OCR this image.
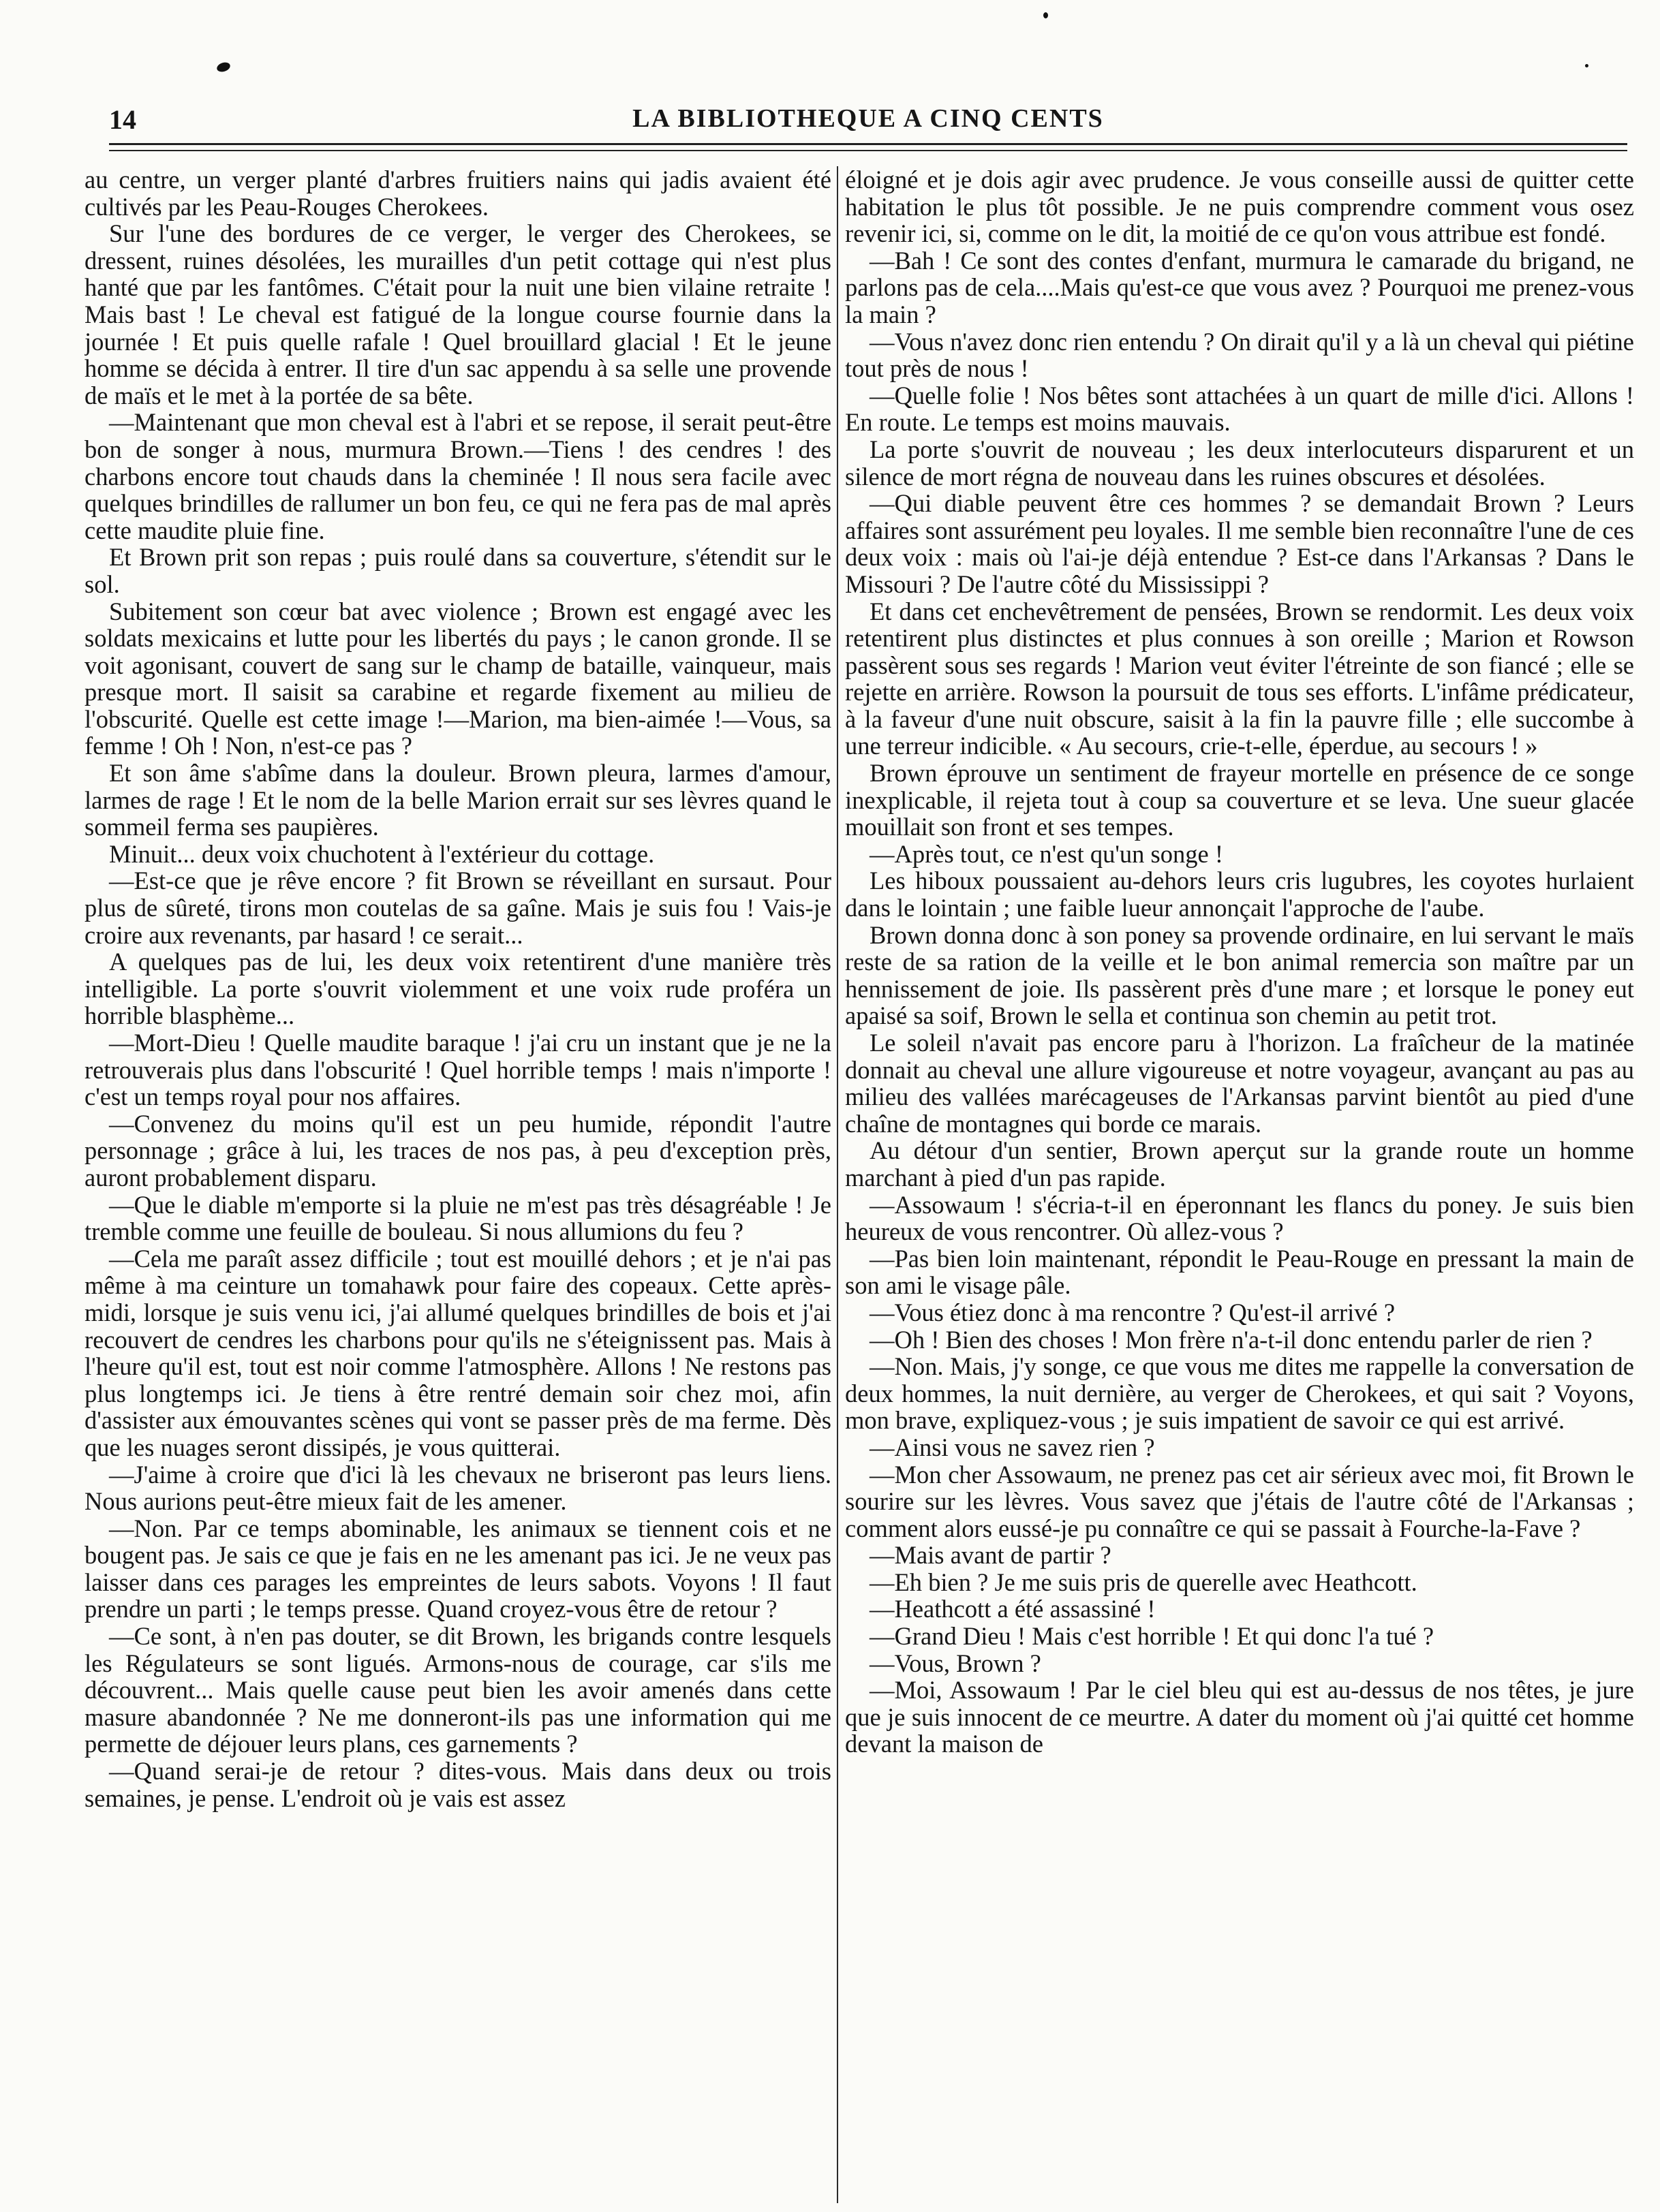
14	LA BIBLIOTHEQUE A CINQ CENTS

au centre, un verger planté d'arbres fruitiers nains qui jadis avaient été cultivés par les Peau-Rouges Cherokees.

Sur l'une des bordures de ce verger, le verger des Cherokees, se dressent, ruines désolées, les murailles d'un petit cottage qui n'est plus hanté que par les fantômes. C'était pour la nuit une bien vilaine retraite ! Mais bast ! Le cheval est fatigué de la longue course fournie dans la journée ! Et puis quelle rafale ! Quel brouillard glacial ! Et le jeune homme se décida à entrer. Il tire d'un sac appendu à sa selle une provende de maïs et le met à la portée de sa bête.

—Maintenant que mon cheval est à l'abri et se repose, il serait peut-être bon de songer à nous, murmura Brown.—Tiens ! des cendres ! des charbons encore tout chauds dans la cheminée ! Il nous sera facile avec quelques brindilles de rallumer un bon feu, ce qui ne fera pas de mal après cette maudite pluie fine.

Et Brown prit son repas ; puis roulé dans sa couverture, s'étendit sur le sol.

Subitement son cœur bat avec violence ; Brown est engagé avec les soldats mexicains et lutte pour les libertés du pays ; le canon gronde. Il se voit agonisant, couvert de sang sur le champ de bataille, vainqueur, mais presque mort. Il saisit sa carabine et regarde fixement au milieu de l'obscurité. Quelle est cette image !—Marion, ma bien-aimée !—Vous, sa femme ! Oh ! Non, n'est-ce pas ?

Et son âme s'abîme dans la douleur. Brown pleura, larmes d'amour, larmes de rage ! Et le nom de la belle Marion errait sur ses lèvres quand le sommeil ferma ses paupières.

Minuit... deux voix chuchotent à l'extérieur du cottage.

—Est-ce que je rêve encore ? fit Brown se réveillant en sursaut. Pour plus de sûreté, tirons mon coutelas de sa gaîne. Mais je suis fou ! Vais-je croire aux revenants, par hasard ! ce serait...

A quelques pas de lui, les deux voix retentirent d'une manière très intelligible. La porte s'ouvrit violemment et une voix rude proféra un horrible blasphème...

—Mort-Dieu ! Quelle maudite baraque ! j'ai cru un instant que je ne la retrouverais plus dans l'obscurité ! Quel horrible temps ! mais n'importe ! c'est un temps royal pour nos affaires.

—Convenez du moins qu'il est un peu humide, répondit l'autre personnage ; grâce à lui, les traces de nos pas, à peu d'exception près, auront probablement disparu.

—Que le diable m'emporte si la pluie ne m'est pas très désagréable ! Je tremble comme une feuille de bouleau. Si nous allumions du feu ?

—Cela me paraît assez difficile ; tout est mouillé dehors ; et je n'ai pas même à ma ceinture un tomahawk pour faire des copeaux. Cette après-midi, lorsque je suis venu ici, j'ai allumé quelques brindilles de bois et j'ai recouvert de cendres les charbons pour qu'ils ne s'éteignissent pas. Mais à l'heure qu'il est, tout est noir comme l'atmosphère. Allons ! Ne restons pas plus longtemps ici. Je tiens à être rentré demain soir chez moi, afin d'assister aux émouvantes scènes qui vont se passer près de ma ferme. Dès que les nuages seront dissipés, je vous quitterai.

—J'aime à croire que d'ici là les chevaux ne briseront pas leurs liens. Nous aurions peut-être mieux fait de les amener.

—Non. Par ce temps abominable, les animaux se tiennent cois et ne bougent pas. Je sais ce que je fais en ne les amenant pas ici. Je ne veux pas laisser dans ces parages les empreintes de leurs sabots. Voyons ! Il faut prendre un parti ; le temps presse. Quand croyez-vous être de retour ?

—Ce sont, à n'en pas douter, se dit Brown, les brigands contre lesquels les Régulateurs se sont ligués. Armons-nous de courage, car s'ils me découvrent... Mais quelle cause peut bien les avoir amenés dans cette masure abandonnée ? Ne me donneront-ils pas une information qui me permette de déjouer leurs plans, ces garnements ?

—Quand serai-je de retour ? dites-vous. Mais dans deux ou trois semaines, je pense. L'endroit où je vais est assez

éloigné et je dois agir avec prudence. Je vous conseille aussi de quitter cette habitation le plus tôt possible. Je ne puis comprendre comment vous osez revenir ici, si, comme on le dit, la moitié de ce qu'on vous attribue est fondé.

—Bah ! Ce sont des contes d'enfant, murmura le camarade du brigand, ne parlons pas de cela....Mais qu'est-ce que vous avez ? Pourquoi me prenez-vous la main ?

—Vous n'avez donc rien entendu ? On dirait qu'il y a là un cheval qui piétine tout près de nous !

—Quelle folie ! Nos bêtes sont attachées à un quart de mille d'ici. Allons ! En route. Le temps est moins mauvais.

La porte s'ouvrit de nouveau ; les deux interlocuteurs disparurent et un silence de mort régna de nouveau dans les ruines obscures et désolées.

—Qui diable peuvent être ces hommes ? se demandait Brown ? Leurs affaires sont assurément peu loyales. Il me semble bien reconnaître l'une de ces deux voix : mais où l'ai-je déjà entendue ? Est-ce dans l'Arkansas ? Dans le Missouri ? De l'autre côté du Mississippi ?

Et dans cet enchevêtrement de pensées, Brown se rendormit. Les deux voix retentirent plus distinctes et plus connues à son oreille ; Marion et Rowson passèrent sous ses regards ! Marion veut éviter l'étreinte de son fiancé ; elle se rejette en arrière. Rowson la poursuit de tous ses efforts. L'infâme prédicateur, à la faveur d'une nuit obscure, saisit à la fin la pauvre fille ; elle succombe à une terreur indicible. « Au secours, crie-t-elle, éperdue, au secours ! »

Brown éprouve un sentiment de frayeur mortelle en présence de ce songe inexplicable, il rejeta tout à coup sa couverture et se leva. Une sueur glacée mouillait son front et ses tempes.

—Après tout, ce n'est qu'un songe !

Les hiboux poussaient au-dehors leurs cris lugubres, les coyotes hurlaient dans le lointain ; une faible lueur annonçait l'approche de l'aube.

Brown donna donc à son poney sa provende ordinaire, en lui servant le maïs reste de sa ration de la veille et le bon animal remercia son maître par un hennissement de joie. Ils passèrent près d'une mare ; et lorsque le poney eut apaisé sa soif, Brown le sella et continua son chemin au petit trot.

Le soleil n'avait pas encore paru à l'horizon. La fraîcheur de la matinée donnait au cheval une allure vigoureuse et notre voyageur, avançant au pas au milieu des vallées marécageuses de l'Arkansas parvint bientôt au pied d'une chaîne de montagnes qui borde ce marais.

Au détour d'un sentier, Brown aperçut sur la grande route un homme marchant à pied d'un pas rapide.

—Assowaum ! s'écria-t-il en éperonnant les flancs du poney. Je suis bien heureux de vous rencontrer. Où allez-vous ?

—Pas bien loin maintenant, répondit le Peau-Rouge en pressant la main de son ami le visage pâle.

—Vous étiez donc à ma rencontre ? Qu'est-il arrivé ?

—Oh ! Bien des choses ! Mon frère n'a-t-il donc entendu parler de rien ?

—Non. Mais, j'y songe, ce que vous me dites me rappelle la conversation de deux hommes, la nuit dernière, au verger de Cherokees, et qui sait ? Voyons, mon brave, expliquez-vous ; je suis impatient de savoir ce qui est arrivé.

—Ainsi vous ne savez rien ?

—Mon cher Assowaum, ne prenez pas cet air sérieux avec moi, fit Brown le sourire sur les lèvres. Vous savez que j'étais de l'autre côté de l'Arkansas ; comment alors eussé-je pu connaître ce qui se passait à Fourche-la-Fave ?

—Mais avant de partir ?

—Eh bien ? Je me suis pris de querelle avec Heathcott.

—Heathcott a été assassiné !

—Grand Dieu ! Mais c'est horrible ! Et qui donc l'a tué ?

—Vous, Brown ?

—Moi, Assowaum ! Par le ciel bleu qui est au-dessus de nos têtes, je jure que je suis innocent de ce meurtre. A dater du moment où j'ai quitté cet homme devant la maison de
